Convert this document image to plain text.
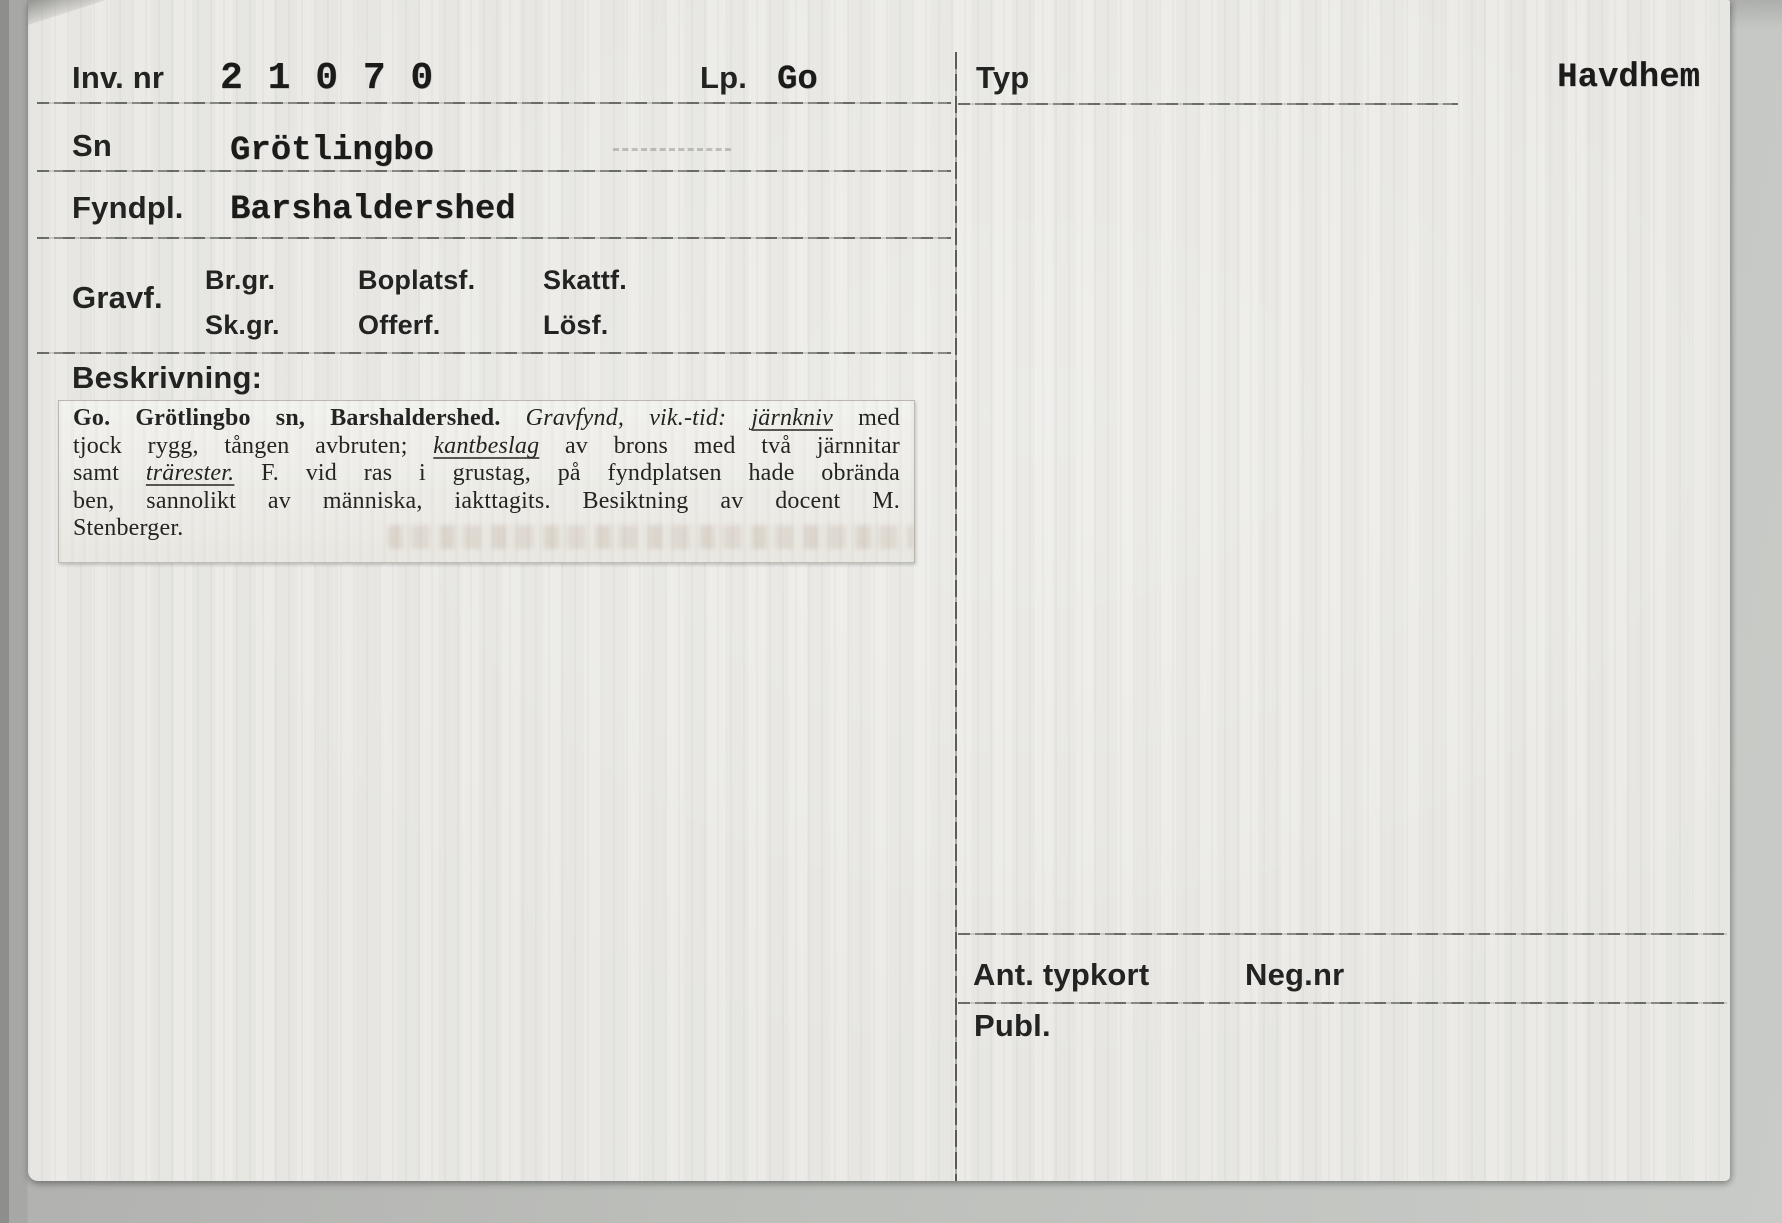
Inv. nr 2 1 0 7 0	Lp. Go	Typ	Havdhem
Sn	Grötlingbo
Fyndpl. Barshaldershed
Gravf. Br.gr.	Boplatsf.	Skattf.
Sk.gr.	Offerf.	Lösf.
Beskrivning:
Go. Grötlingbo sn, Barshaldershed. Gravfynd, vik.-tid: järnkniv med
tjock rygg, tången avbruten; kantbeslag av brons med två järnnitar
samt trärester. F. vid ras i grustag, på fyndplatsen hade obrända
ben, sannolikt av människa, iakttagits. Besiktning av docent M.
Stenberger.
Ant. typkort	Neg.nr
Publ.
